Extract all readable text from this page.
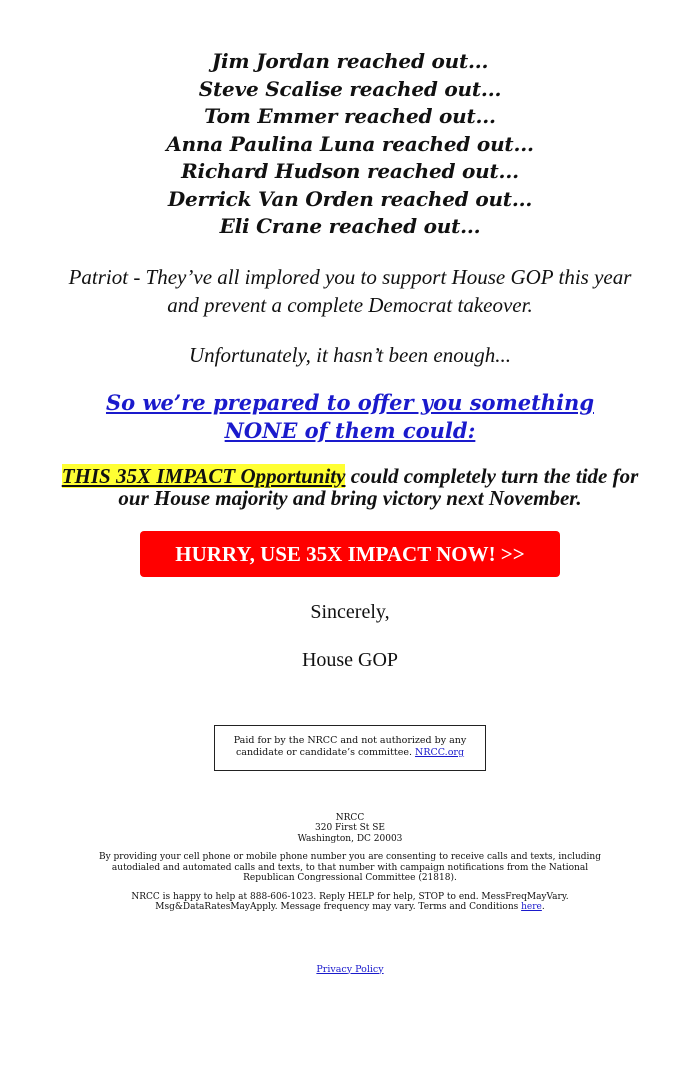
Jim Jordan reached out...
Steve Scalise reached out...
Tom Emmer reached out...
Anna Paulina Luna reached out...
Richard Hudson reached out...
Derrick Van Orden reached out...
Eli Crane reached out...
Patriot - They’ve all implored you to support House GOP this year and prevent a complete Democrat takeover.
Unfortunately, it hasn’t been enough...
So we’re prepared to offer you something NONE of them could:
THIS 35X IMPACT Opportunity could completely turn the tide for our House majority and bring victory next November.
HURRY, USE 35X IMPACT NOW! >>
Sincerely,
House GOP
Paid for by the NRCC and not authorized by any candidate or candidate’s committee. NRCC.org
NRCC
320 First St SE
Washington, DC 20003
By providing your cell phone or mobile phone number you are consenting to receive calls and texts, including autodialed and automated calls and texts, to that number with campaign notifications from the National Republican Congressional Committee (21818).
NRCC is happy to help at 888-606-1023. Reply HELP for help, STOP to end. MessFreqMayVary. Msg&DataRatesMayApply. Message frequency may vary. Terms and Conditions here.
Privacy Policy
